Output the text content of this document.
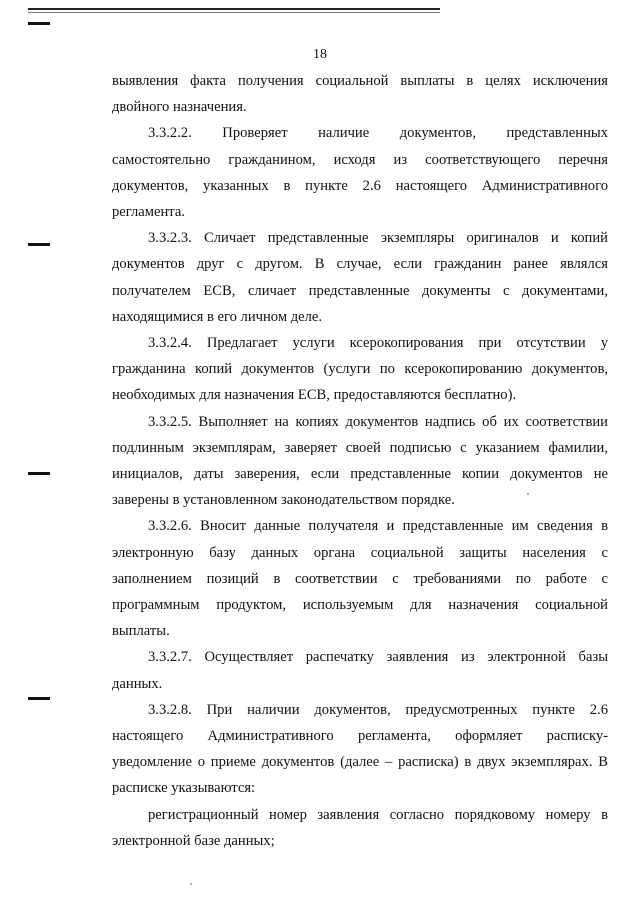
18

выявления факта получения социальной выплаты в целях исключения

двойного назначения.

3.3.2.2. Проверяет наличие документов, представленных

самостоятельно гражданином, исходя из соответствующего перечня

документов, указанных в пункте 2.6 настоящего Административного

регламента.

3.3.2.3. Сличает представленные экземпляры оригиналов и копий

документов друг с другом. В случае, если гражданин ранее являлся

получателем ЕСВ, сличает представленные документы с документами,

находящимися в его личном деле.

3.3.2.4. Предлагает услуги ксерокопирования при отсутствии у

гражданина копий документов (услуги по ксерокопированию документов,

необходимых для назначения ЕСВ, предоставляются бесплатно).

3.3.2.5. Выполняет на копиях документов надпись об их соответствии

подлинным экземплярам, заверяет своей подписью с указанием фамилии,

инициалов, даты заверения, если представленные копии документов не

заверены в установленном законодательством порядке.

3.3.2.6. Вносит данные получателя и представленные им сведения в

электронную базу данных органа социальной защиты населения с

заполнением позиций в соответствии с требованиями по работе с

программным продуктом, используемым для назначения социальной

выплаты.

3.3.2.7. Осуществляет распечатку заявления из электронной базы

данных.

3.3.2.8. При наличии документов, предусмотренных пункте 2.6

настоящего Административного регламента, оформляет расписку-

уведомление о приеме документов (далее – расписка) в двух экземплярах. В

расписке указываются:

регистрационный номер заявления согласно порядковому номеру в

электронной базе данных;
